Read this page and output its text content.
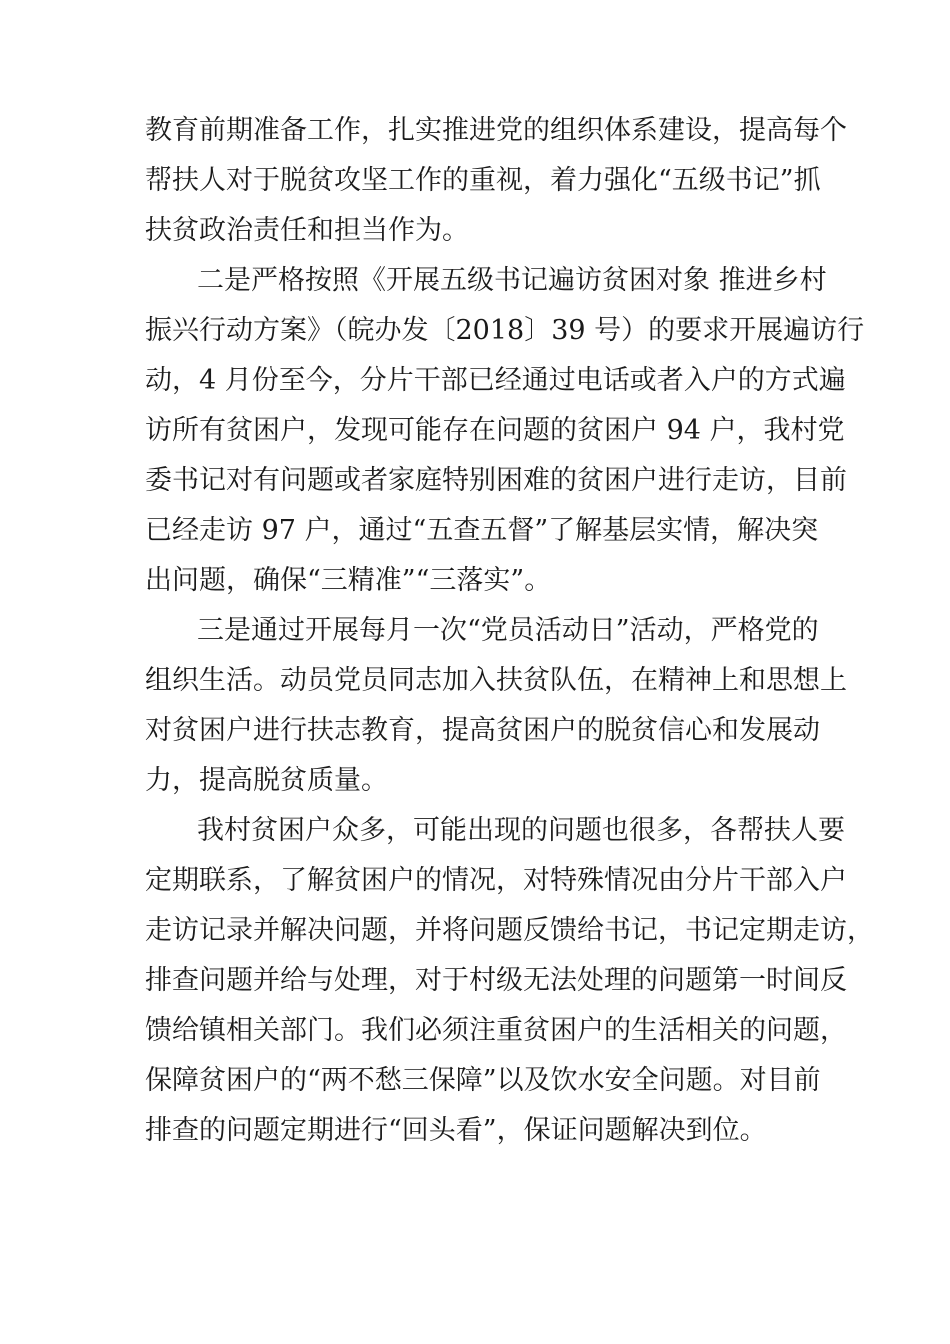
教育前期准备工作，扎实推进党的组织体系建设，提高每个
帮扶人对于脱贫攻坚工作的重视，着力强化“五级书记”抓
扶贫政治责任和担当作为。
二是严格按照《开展五级书记遍访贫困对象 推进乡村
振兴行动方案》（皖办发〔2018〕39 号）的要求开展遍访行
动，4 月份至今，分片干部已经通过电话或者入户的方式遍
访所有贫困户，发现可能存在问题的贫困户 94 户，我村党
委书记对有问题或者家庭特别困难的贫困户进行走访，目前
已经走访 97 户，通过“五查五督”了解基层实情，解决突
出问题，确保“三精准”“三落实”。
三是通过开展每月一次“党员活动日”活动，严格党的
组织生活。动员党员同志加入扶贫队伍，在精神上和思想上
对贫困户进行扶志教育，提高贫困户的脱贫信心和发展动
力，提高脱贫质量。
我村贫困户众多，可能出现的问题也很多，各帮扶人要
定期联系，了解贫困户的情况，对特殊情况由分片干部入户
走访记录并解决问题，并将问题反馈给书记，书记定期走访，
排查问题并给与处理，对于村级无法处理的问题第一时间反
馈给镇相关部门。我们必须注重贫困户的生活相关的问题，
保障贫困户的“两不愁三保障”以及饮水安全问题。对目前
排查的问题定期进行“回头看”，保证问题解决到位。
